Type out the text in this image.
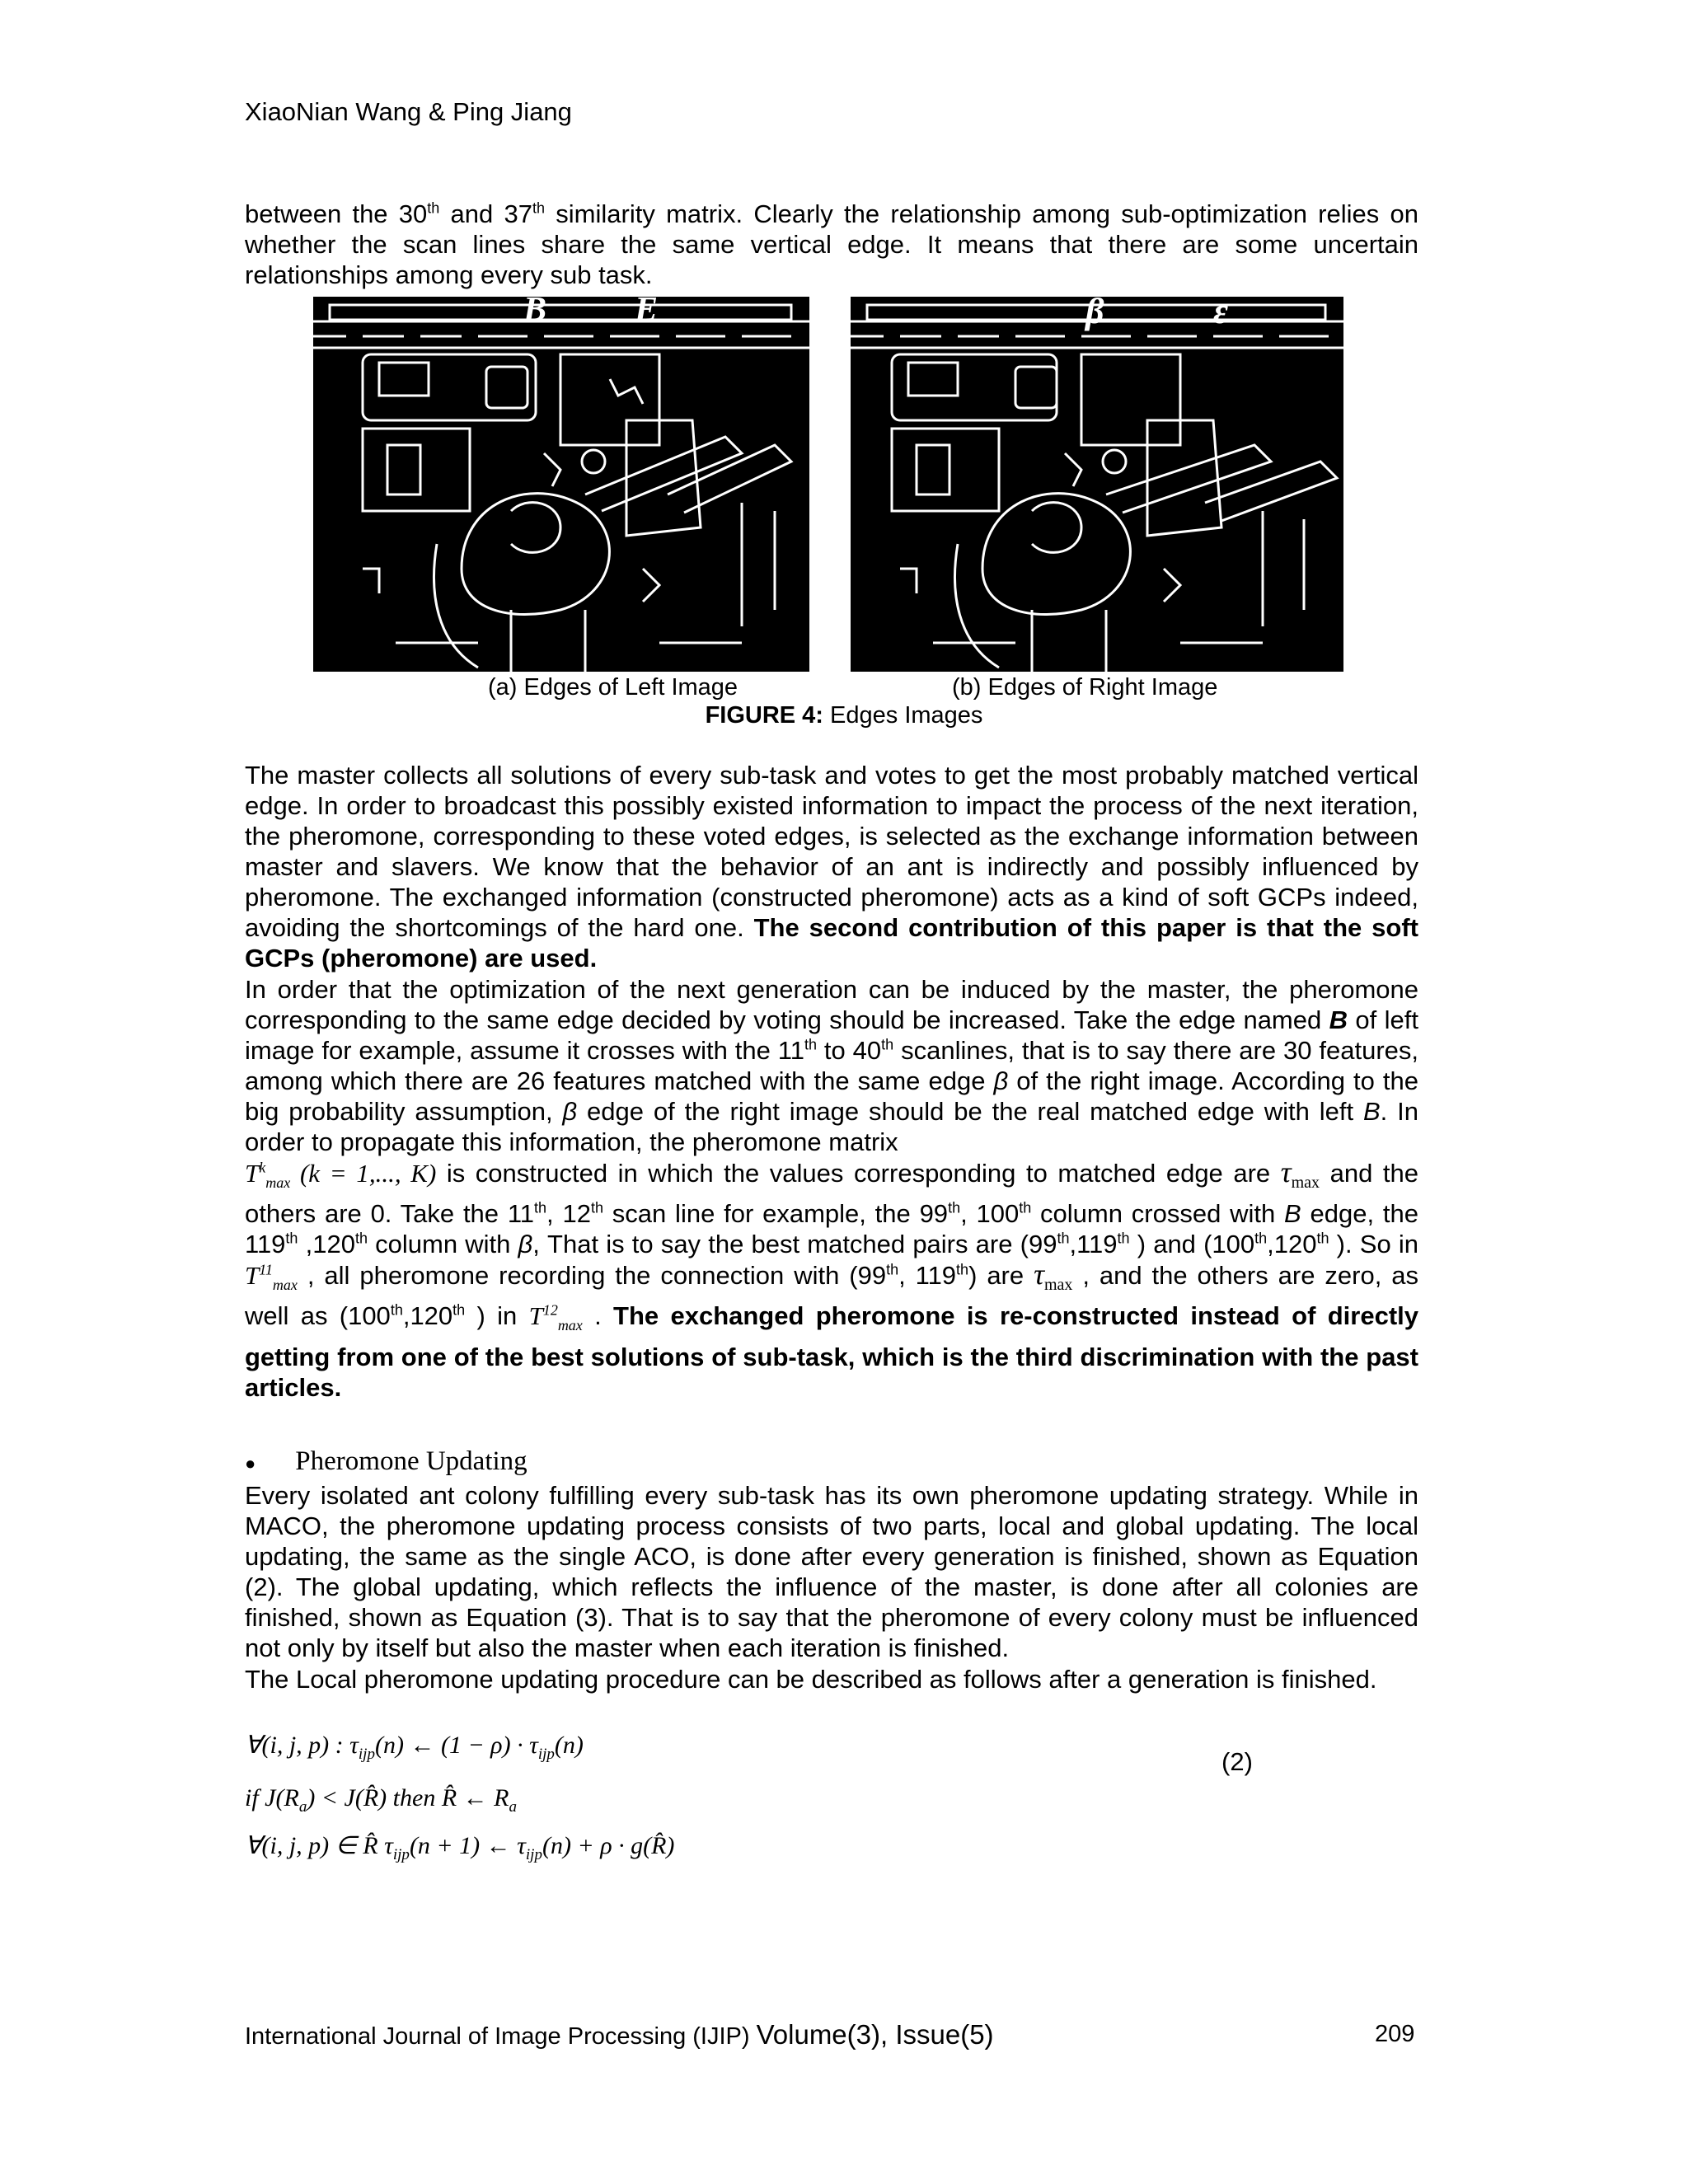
XiaoNian Wang & Ping Jiang
between the 30th and 37th similarity matrix. Clearly the relationship among sub-optimization relies on whether the scan lines share the same vertical edge. It means that there are some uncertain relationships among every sub task.
B	E	β	ε
(a) Edges of Left Image	(b) Edges of Right Image
FIGURE 4: Edges Images
The master collects all solutions of every sub-task and votes to get the most probably matched vertical edge. In order to broadcast this possibly existed information to impact the process of the next iteration, the pheromone, corresponding to these voted edges, is selected as the exchange information between master and slavers. We know that the behavior of an ant is indirectly and possibly influenced by pheromone. The exchanged information (constructed pheromone) acts as a kind of soft GCPs indeed, avoiding the shortcomings of the hard one. The second contribution of this paper is that the soft GCPs (pheromone) are used.
In order that the optimization of the next generation can be induced by the master, the pheromone corresponding to the same edge decided by voting should be increased. Take the edge named B of left image for example, assume it crosses with the 11th to 40th scanlines, that is to say there are 30 features, among which there are 26 features matched with the same edge β of the right image. According to the big probability assumption, β edge of the right image should be the real matched edge with left B. In order to propagate this information, the pheromone matrix
$T^k_{max}$ (k = 1,..., K) is constructed in which the values corresponding to matched edge are $\tau_{max}$ and the others are 0. Take the 11th, 12th scan line for example, the 99th, 100th column crossed with B edge, the 119th ,120th column with β, That is to say the best matched pairs are (99th,119th ) and (100th,120th ). So in $T^{11}_{max}$ , all pheromone recording the connection with (99th, 119th) are $\tau_{max}$ , and the others are zero, as well as (100th,120th ) in $T^{12}_{max}$ . The exchanged pheromone is re-constructed instead of directly getting from one of the best solutions of sub-task, which is the third discrimination with the past articles.
● Pheromone Updating
Every isolated ant colony fulfilling every sub-task has its own pheromone updating strategy. While in MACO, the pheromone updating process consists of two parts, local and global updating. The local updating, the same as the single ACO, is done after every generation is finished, shown as Equation (2). The global updating, which reflects the influence of the master, is done after all colonies are finished, shown as Equation (3). That is to say that the pheromone of every colony must be influenced not only by itself but also the master when each iteration is finished.
The Local pheromone updating procedure can be described as follows after a generation is finished.
∀(i, j, p) : $\tau_{ijp}(n)$ ← $(1 - \rho) \cdot \tau_{ijp}(n)$
if $J(R_a)$ < J(R̂) then R̂ ← $R_a$
∀(i, j, p) ∈ R̂ $\tau_{ijp}(n + 1)$ ← $\tau_{ijp}(n) + \rho$ · g(R̂)
(2)
International Journal of Image Processing (IJIP) Volume(3), Issue(5)	209
